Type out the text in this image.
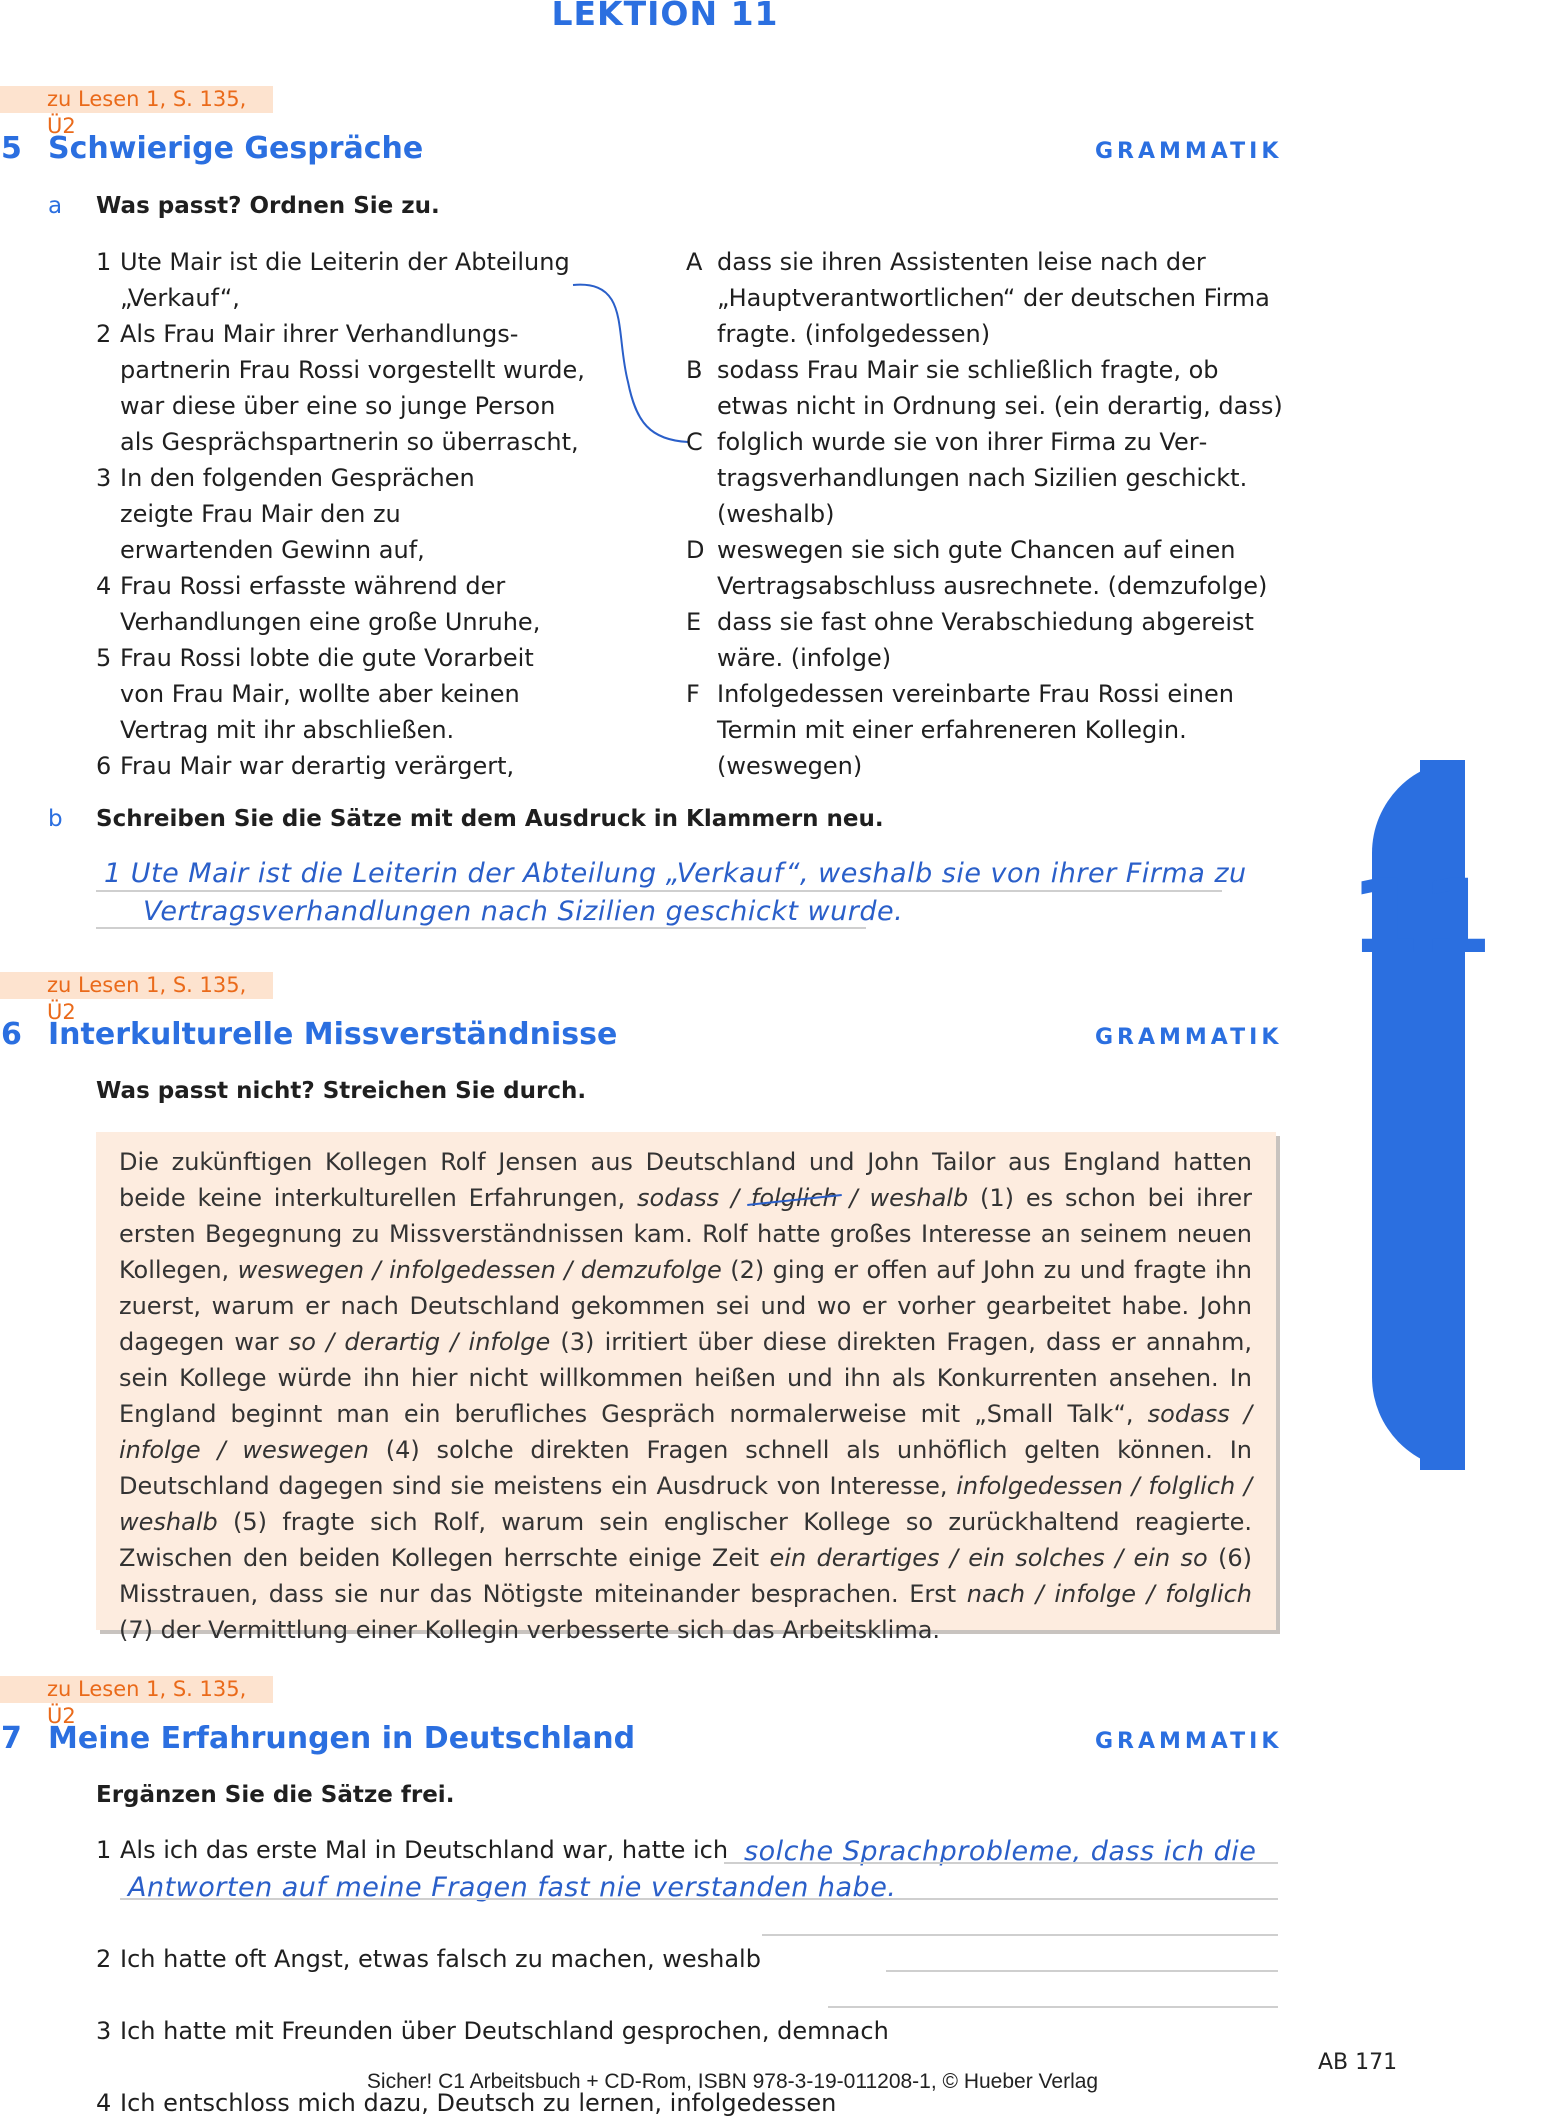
LEKTION 11
11
zu Lesen 1, S. 135, Ü2
5 Schwierige Gespräche	GRAMMATIK
a Was passt? Ordnen Sie zu.
1 Ute Mair ist die Leiterin der Abteilung „Verkauf“,
2 Als Frau Mair ihrer Verhandlungspartnerin Frau Rossi vorgestellt wurde, war diese über eine so junge Person als Gesprächspartnerin so überrascht,
3 In den folgenden Gesprächen zeigte Frau Mair den zu erwartenden Gewinn auf,
4 Frau Rossi erfasste während der Verhandlungen eine große Unruhe,
5 Frau Rossi lobte die gute Vorarbeit von Frau Mair, wollte aber keinen Vertrag mit ihr abschließen.
6 Frau Mair war derartig verärgert,
A dass sie ihren Assistenten leise nach der „Hauptverantwortlichen“ der deutschen Firma fragte. (infolgedessen)
B sodass Frau Mair sie schließlich fragte, ob etwas nicht in Ordnung sei. (ein derartig, dass)
C folglich wurde sie von ihrer Firma zu Vertragsverhandlungen nach Sizilien geschickt. (weshalb)
D weswegen sie sich gute Chancen auf einen Vertragsabschluss ausrechnete. (demzufolge)
E dass sie fast ohne Verabschiedung abgereist wäre. (infolge)
F Infolgedessen vereinbarte Frau Rossi einen Termin mit einer erfahreneren Kollegin. (weswegen)
b Schreiben Sie die Sätze mit dem Ausdruck in Klammern neu.
1 Ute Mair ist die Leiterin der Abteilung „Verkauf“, weshalb sie von ihrer Firma zu
Vertragsverhandlungen nach Sizilien geschickt wurde.
zu Lesen 1, S. 135, Ü2
6 Interkulturelle Missverständnisse	GRAMMATIK
Was passt nicht? Streichen Sie durch.
Die zukünftigen Kollegen Rolf Jensen aus Deutschland und John Tailor aus England hatten beide keine interkulturellen Erfahrungen, sodass / folglich / weshalb (1) es schon bei ihrer ersten Begegnung zu Missverständnissen kam. Rolf hatte großes Interesse an seinem neuen Kollegen, weswegen / infolgedessen / demzufolge (2) ging er offen auf John zu und fragte ihn zuerst, warum er nach Deutschland gekommen sei und wo er vorher gearbeitet habe. John dagegen war so / derartig / infolge (3) irritiert über diese direkten Fragen, dass er annahm, sein Kollege würde ihn hier nicht willkommen heißen und ihn als Konkurrenten ansehen. In England beginnt man ein berufliches Gespräch normalerweise mit „Small Talk“, sodass / infolge / weswegen (4) solche direkten Fragen schnell als unhöflich gelten können. In Deutschland dagegen sind sie meistens ein Ausdruck von Interesse, infolgedessen / folglich / weshalb (5) fragte sich Rolf, warum sein englischer Kollege so zurückhaltend reagierte. Zwischen den beiden Kollegen herrschte einige Zeit ein derartiges / ein solches / ein so (6) Misstrauen, dass sie nur das Nötigste miteinander besprachen. Erst nach / infolge / folglich (7) der Vermittlung einer Kollegin verbesserte sich das Arbeitsklima.
zu Lesen 1, S. 135, Ü2
7 Meine Erfahrungen in Deutschland	GRAMMATIK
Ergänzen Sie die Sätze frei.
1 Als ich das erste Mal in Deutschland war, hatte ich solche Sprachprobleme, dass ich die
Antworten auf meine Fragen fast nie verstanden habe.
2 Ich hatte oft Angst, etwas falsch zu machen, weshalb
3 Ich hatte mit Freunden über Deutschland gesprochen, demnach
4 Ich entschloss mich dazu, Deutsch zu lernen, infolgedessen
AB 171
Sicher! C1 Arbeitsbuch + CD-Rom, ISBN 978-3-19-011208-1, © Hueber Verlag
